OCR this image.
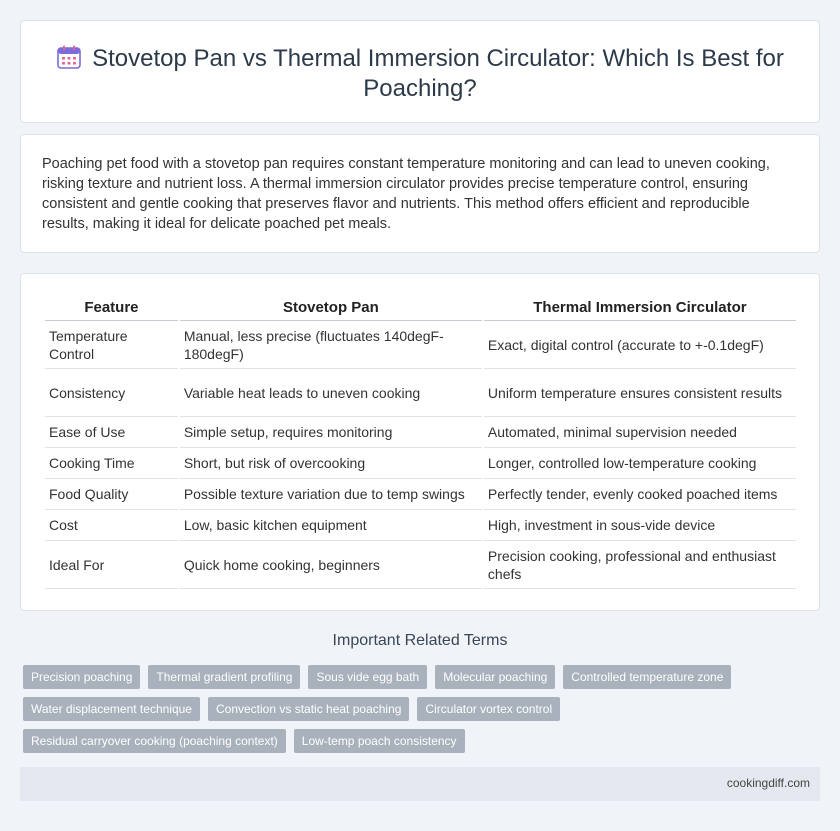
Stovetop Pan vs Thermal Immersion Circulator: Which Is Best for Poaching?

Poaching pet food with a stovetop pan requires constant temperature monitoring and can lead to uneven cooking, risking texture and nutrient loss. A thermal immersion circulator provides precise temperature control, ensuring consistent and gentle cooking that preserves flavor and nutrients. This method offers efficient and reproducible results, making it ideal for delicate poached pet meals.

Feature	Stovetop Pan	Thermal Immersion Circulator
Temperature Control	Manual, less precise (fluctuates 140degF-180degF)	Exact, digital control (accurate to +-0.1degF)
Consistency	Variable heat leads to uneven cooking	Uniform temperature ensures consistent results
Ease of Use	Simple setup, requires monitoring	Automated, minimal supervision needed
Cooking Time	Short, but risk of overcooking	Longer, controlled low-temperature cooking
Food Quality	Possible texture variation due to temp swings	Perfectly tender, evenly cooked poached items
Cost	Low, basic kitchen equipment	High, investment in sous-vide device
Ideal For	Quick home cooking, beginners	Precision cooking, professional and enthusiast chefs
Important Related Terms
Precision poaching	Thermal gradient profiling	Sous vide egg bath	Molecular poaching	Controlled temperature zone
Water displacement technique	Convection vs static heat poaching	Circulator vortex control
Residual carryover cooking (poaching context)	Low-temp poach consistency
cookingdiff.com
